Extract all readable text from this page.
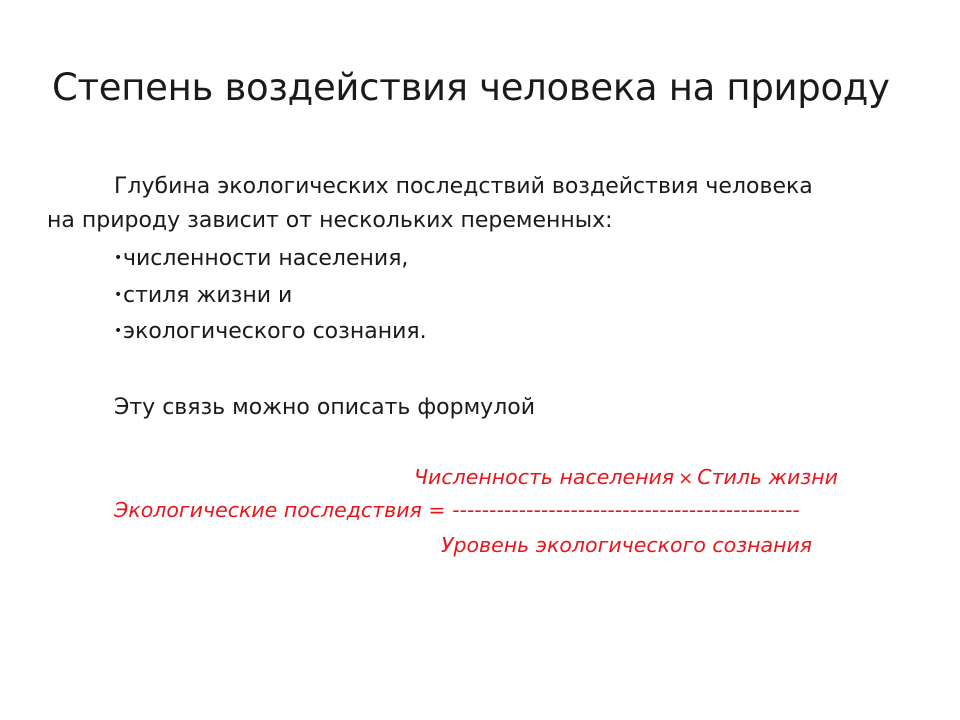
Степень воздействия человека на природу
Глубина экологических последствий воздействия человека
на природу зависит от нескольких переменных:
• численности населения,
• стиля жизни и
• экологического сознания.
Эту связь можно описать формулой
Численность населения × Стиль жизни
Экологические последствия = -----------------------------------------------
Уровень экологического сознания
